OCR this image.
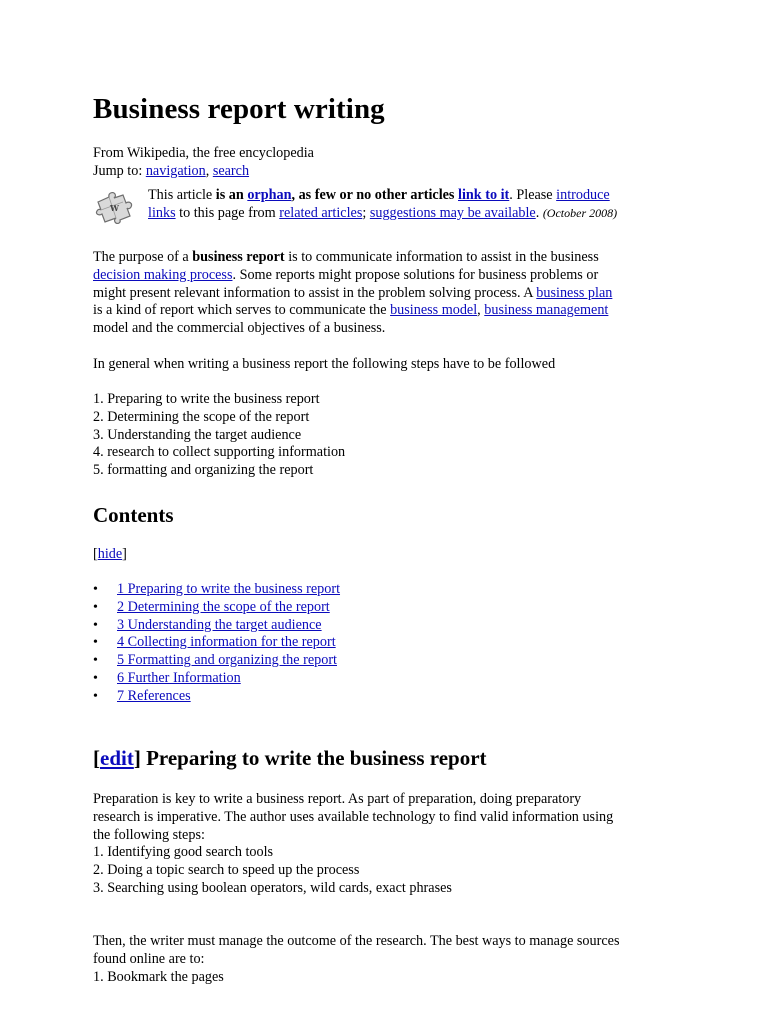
Business report writing
From Wikipedia, the free encyclopedia
Jump to: navigation, search
W
This article is an orphan, as few or no other articles link to it. Please introduce
links to this page from related articles; suggestions may be available. (October 2008)
The purpose of a business report is to communicate information to assist in the business
decision making process. Some reports might propose solutions for business problems or
might present relevant information to assist in the problem solving process. A business plan
is a kind of report which serves to communicate the business model, business management
model and the commercial objectives of a business.
In general when writing a business report the following steps have to be followed
1. Preparing to write the business report
2. Determining the scope of the report
3. Understanding the target audience
4. research to collect supporting information
5. formatting and organizing the report
Contents
[hide]
• 1 Preparing to write the business report
• 2 Determining the scope of the report
• 3 Understanding the target audience
• 4 Collecting information for the report
• 5 Formatting and organizing the report
• 6 Further Information
• 7 References
[edit] Preparing to write the business report
Preparation is key to write a business report. As part of preparation, doing preparatory
research is imperative. The author uses available technology to find valid information using
the following steps:
1. Identifying good search tools
2. Doing a topic search to speed up the process
3. Searching using boolean operators, wild cards, exact phrases
Then, the writer must manage the outcome of the research. The best ways to manage sources
found online are to:
1. Bookmark the pages
